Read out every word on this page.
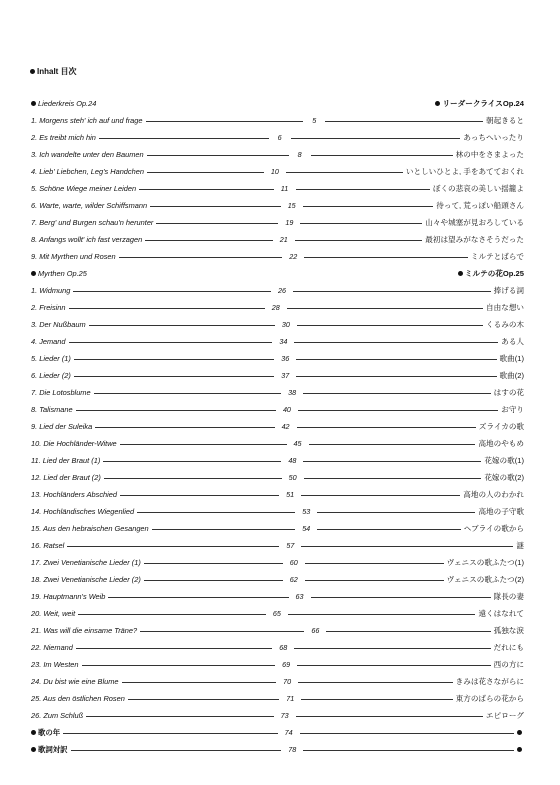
Inhalt 目次
Liederkreis Op.24	リーダークライスOp.24
1. Morgens steh' ich auf und frage	5	朝起きると
2. Es treibt mich hin	6	あっちへいったり
3. Ich wandelte unter den Baumen	8	林の中をさまよった
4. Lieb' Liebchen, Leg's Handchen	10	いとしいひとよ, 手をあてておくれ
5. Schöne Wiege meiner Leiden	11	ぼくの悲哀の美しい揺籠よ
6. Warte, warte, wilder Schiffsmann	15	待って, 荒っぽい船頭さん
7. Berg' und Burgen schau'n herunter	19	山々や城塞が見おろしている
8. Anfangs wollt' ich fast verzagen	21	最初は望みがなさそうだった
9. Mit Myrthen und Rosen	22	ミルテとばらで
Myrthen Op.25	ミルテの花Op.25
1. Widmung	26	捧げる詞
2. Freisinn	28	自由な想い
3. Der Nußbaum	30	くるみの木
4. Jemand	34	ある人
5. Lieder (1)	36	歌曲(1)
6. Lieder (2)	37	歌曲(2)
7. Die Lotosblume	38	はすの花
8. Talismane	40	お守り
9. Lied der Suleika	42	ズライカの歌
10. Die Hochländer-Witwe	45	高地のやもめ
11. Lied der Braut (1)	48	花嫁の歌(1)
12. Lied der Braut (2)	50	花嫁の歌(2)
13. Hochländers Abschied	51	高地の人のわかれ
14. Hochländisches Wiegenlied	53	高地の子守歌
15. Aus den hebraischen Gesangen	54	ヘブライの歌から
16. Ratsel	57	謎
17. Zwei Venetianische Lieder (1)	60	ヴェニスの歌ふたつ(1)
18. Zwei Venetianische Lieder (2)	62	ヴェニスの歌ふたつ(2)
19. Hauptmann's Weib	63	隊長の妻
20. Weit, weit	65	遠くはなれて
21. Was will die einsame Träne?	66	孤独な涙
22. Niemand	68	だれにも
23. Im Westen	69	西の方に
24. Du bist wie eine Blume	70	きみは花さながらに
25. Aus den östlichen Rosen	71	東方のばらの花から
26. Zum Schluß	73	エピローグ
歌の年	74
歌詞対訳	78
